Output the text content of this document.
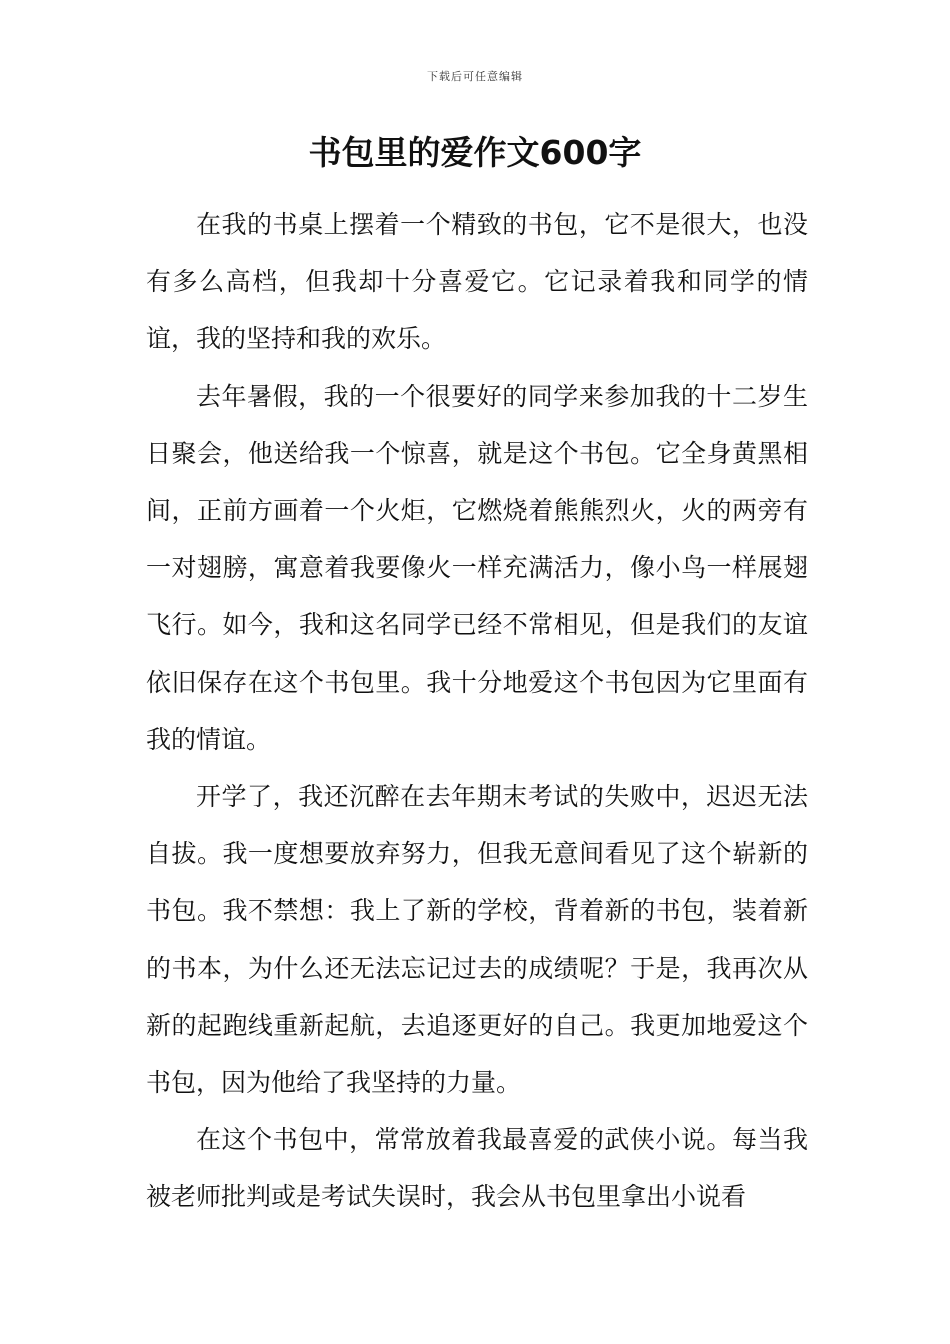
下载后可任意编辑
书包里的爱作文600字

在我的书桌上摆着一个精致的书包，它不是很大，也没有多么高档，但我却十分喜爱它。它记录着我和同学的情谊，我的坚持和我的欢乐。

去年暑假，我的一个很要好的同学来参加我的十二岁生日聚会，他送给我一个惊喜，就是这个书包。它全身黄黑相间，正前方画着一个火炬，它燃烧着熊熊烈火，火的两旁有一对翅膀，寓意着我要像火一样充满活力，像小鸟一样展翅飞行。如今，我和这名同学已经不常相见，但是我们的友谊依旧保存在这个书包里。我十分地爱这个书包因为它里面有我的情谊。

开学了，我还沉醉在去年期末考试的失败中，迟迟无法自拔。我一度想要放弃努力，但我无意间看见了这个崭新的书包。我不禁想：我上了新的学校，背着新的书包，装着新的书本，为什么还无法忘记过去的成绩呢？于是，我再次从新的起跑线重新起航，去追逐更好的自己。我更加地爱这个书包，因为他给了我坚持的力量。

在这个书包中，常常放着我最喜爱的武侠小说。每当我被老师批判或是考试失误时，我会从书包里拿出小说看
